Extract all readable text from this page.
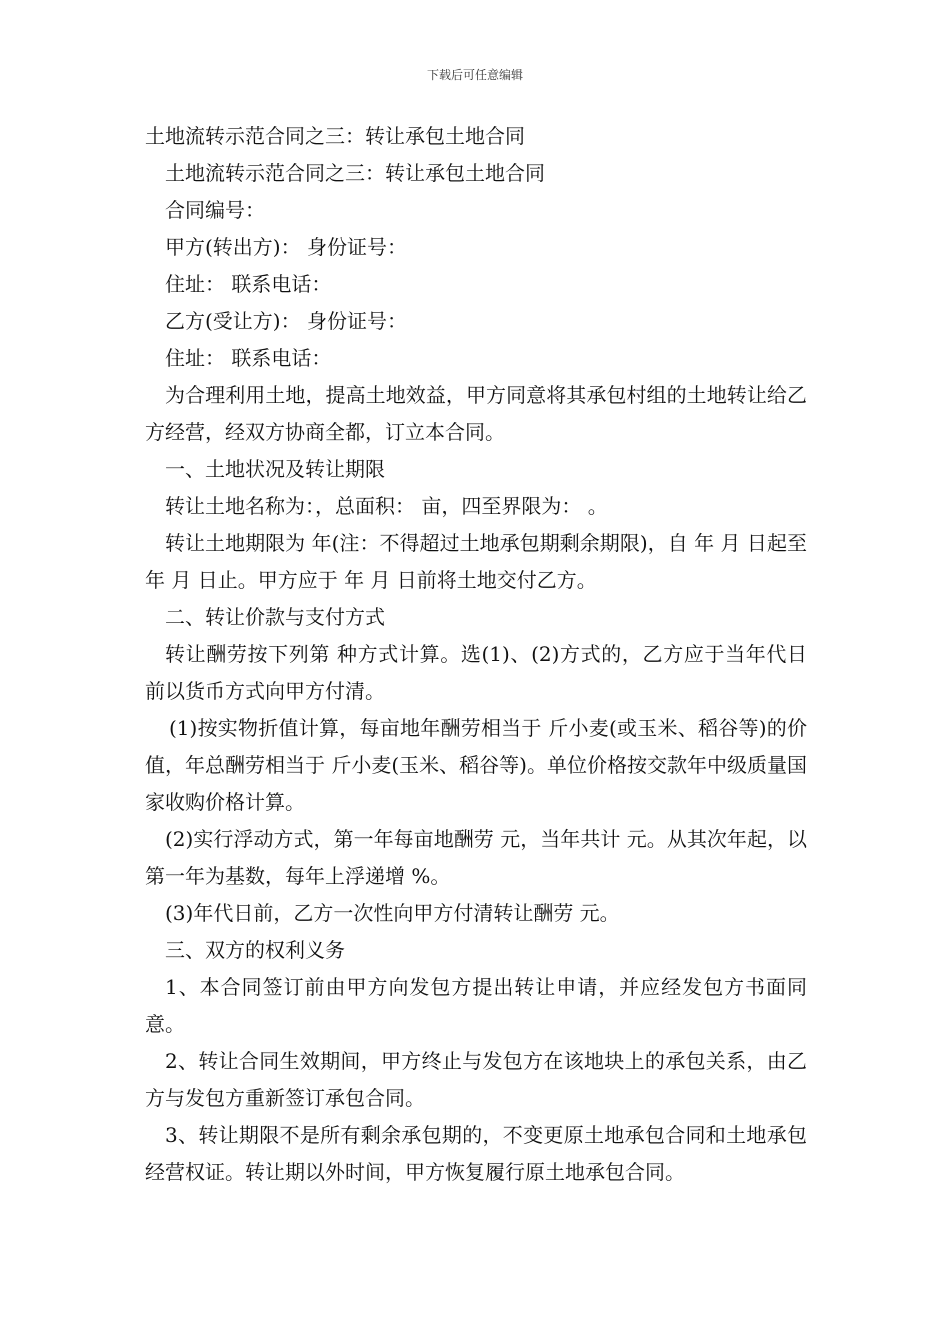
下载后可任意编辑

土地流转示范合同之三：转让承包土地合同

土地流转示范合同之三：转让承包土地合同

合同编号：

甲方(转出方)： 身份证号：

住址： 联系电话：

乙方(受让方)： 身份证号：

住址： 联系电话：

为合理利用土地，提高土地效益，甲方同意将其承包村组的土地转让给乙方经营，经双方协商全都，订立本合同。

一、土地状况及转让期限

转让土地名称为：，总面积： 亩，四至界限为： 。

转让土地期限为 年(注：不得超过土地承包期剩余期限)，自 年 月 日起至 年 月 日止。甲方应于 年 月 日前将土地交付乙方。

二、转让价款与支付方式

转让酬劳按下列第 种方式计算。选(1)、(2)方式的，乙方应于当年代日前以货币方式向甲方付清。

(1)按实物折值计算，每亩地年酬劳相当于 斤小麦(或玉米、稻谷等)的价值，年总酬劳相当于 斤小麦(玉米、稻谷等)。单位价格按交款年中级质量国家收购价格计算。

(2)实行浮动方式，第一年每亩地酬劳 元，当年共计 元。从其次年起，以第一年为基数，每年上浮递增 %。

(3)年代日前，乙方一次性向甲方付清转让酬劳 元。

三、双方的权利义务

1、本合同签订前由甲方向发包方提出转让申请，并应经发包方书面同意。

2、转让合同生效期间，甲方终止与发包方在该地块上的承包关系，由乙方与发包方重新签订承包合同。

3、转让期限不是所有剩余承包期的，不变更原土地承包合同和土地承包经营权证。转让期以外时间，甲方恢复履行原土地承包合同。
